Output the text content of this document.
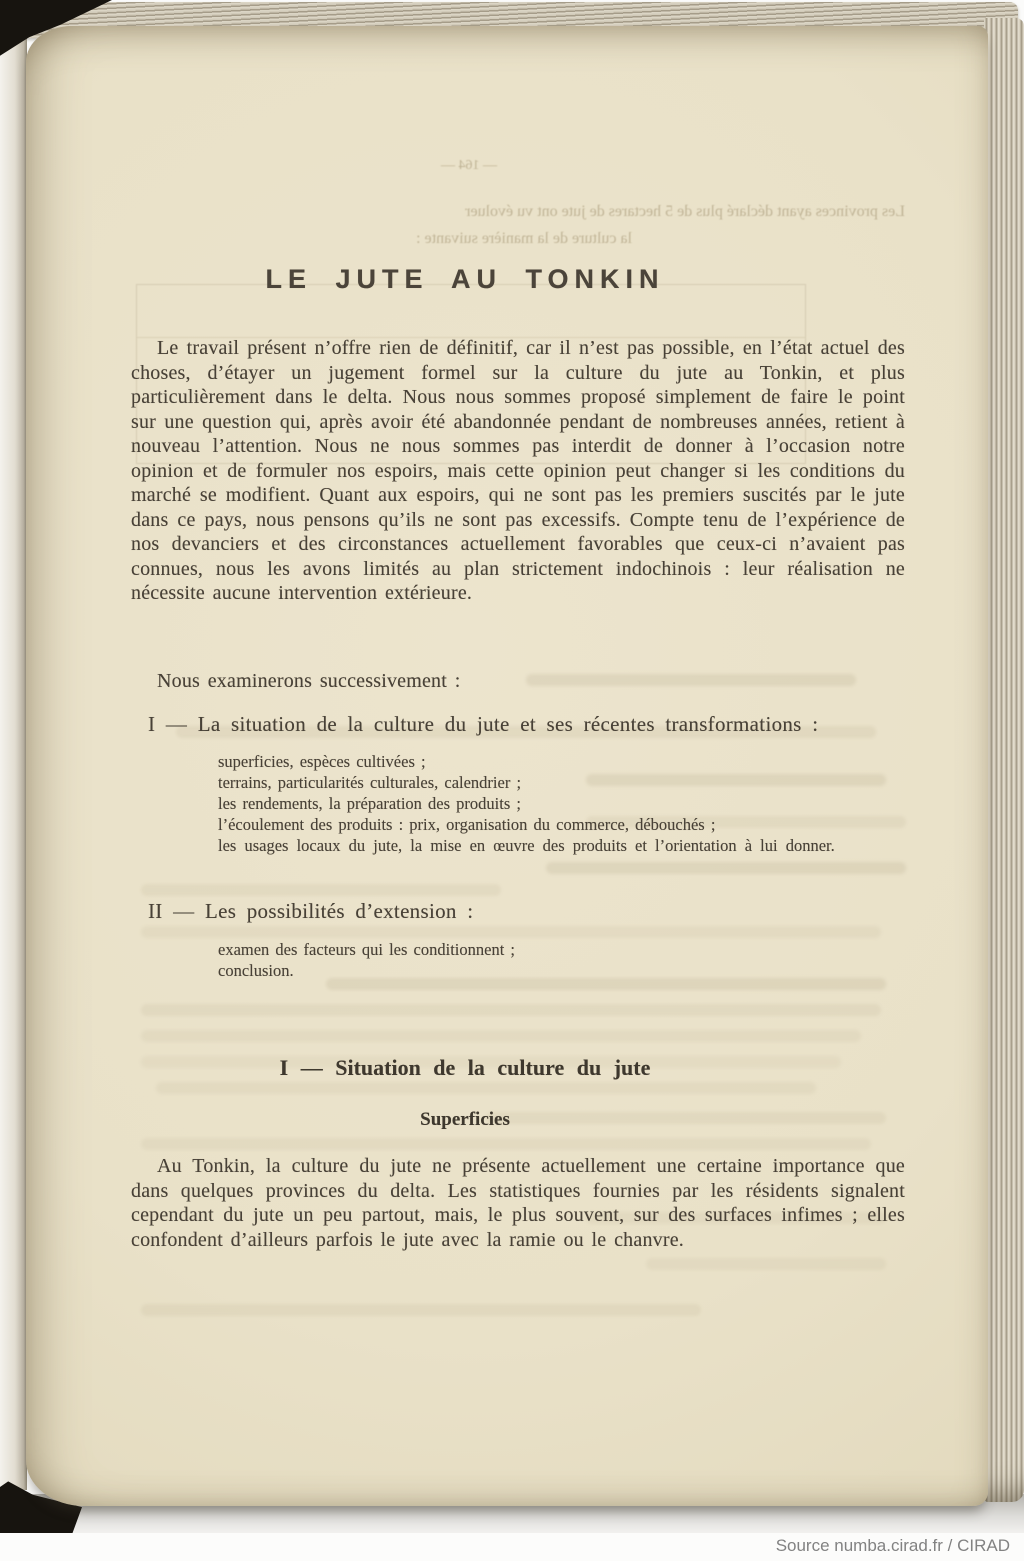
— 164 —
Les provinces ayant déclaré plus de 5 hectares de jute ont vu évoluer
la culture de la manière suivante :
LE JUTE AU TONKIN

Le travail présent n’offre rien de définitif, car il n’est pas possible, en l’état actuel des choses, d’étayer un jugement formel sur la culture du jute au Tonkin, et plus particulièrement dans le delta. Nous nous sommes proposé simplement de faire le point sur une question qui, après avoir été abandonnée pendant de nombreuses années, retient à nouveau l’attention. Nous ne nous sommes pas interdit de donner à l’occasion notre opinion et de formuler nos espoirs, mais cette opinion peut changer si les conditions du marché se modifient. Quant aux espoirs, qui ne sont pas les premiers suscités par le jute dans ce pays, nous pensons qu’ils ne sont pas excessifs. Compte tenu de l’expérience de nos devanciers et des circonstances actuellement favorables que ceux-ci n’avaient pas connues, nous les avons limités au plan strictement indochinois : leur réalisation ne nécessite aucune intervention extérieure.

Nous examinerons successivement :

I — La situation de la culture du jute et ses récentes transformations :

superficies, espèces cultivées ;
terrains, particularités culturales, calendrier ;
les rendements, la préparation des produits ;
l’écoulement des produits : prix, organisation du commerce, débouchés ;
les usages locaux du jute, la mise en œuvre des produits et l’orientation à lui donner.

II — Les possibilités d’extension :

examen des facteurs qui les conditionnent ;
conclusion.
I — Situation de la culture du jute
Superficies

Au Tonkin, la culture du jute ne présente actuellement une certaine importance que dans quelques provinces du delta. Les statistiques fournies par les résidents signalent cependant du jute un peu partout, mais, le plus souvent, sur des surfaces infimes ; elles confondent d’ailleurs parfois le jute avec la ramie ou le chanvre.

Source numba.cirad.fr / CIRAD
